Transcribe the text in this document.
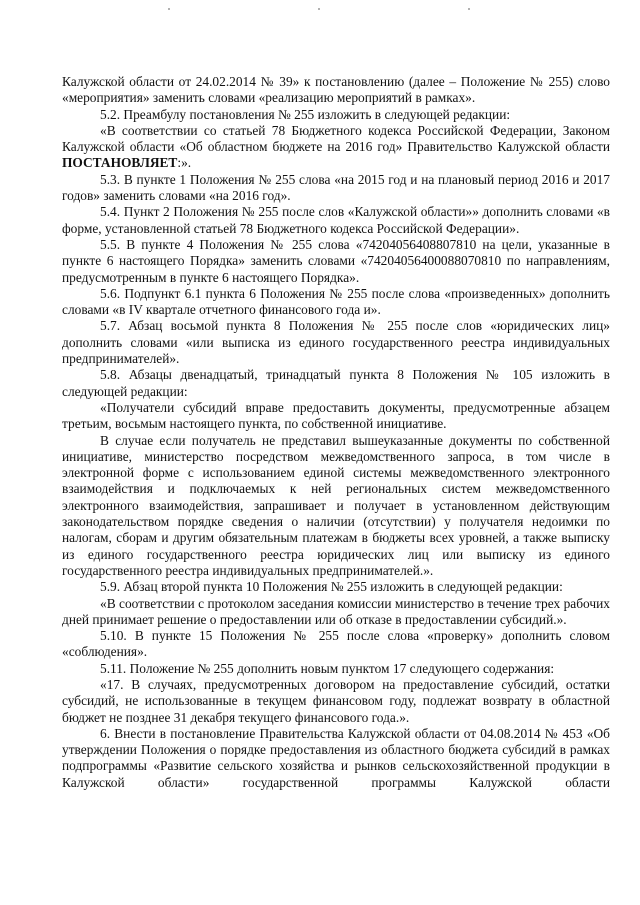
Калужской области от 24.02.2014 № 39» к постановлению (далее – Положение № 255) слово «мероприятия» заменить словами «реализацию мероприятий в рамках».

5.2. Преамбулу постановления № 255 изложить в следующей редакции:

«В соответствии со статьей 78 Бюджетного кодекса Российской Федерации, Законом Калужской области «Об областном бюджете на 2016 год» Правительство Калужской области ПОСТАНОВЛЯЕТ:».

5.3. В пункте 1 Положения № 255 слова «на 2015 год и на плановый период 2016 и 2017 годов» заменить словами «на 2016 год».

5.4. Пункт 2 Положения № 255 после слов «Калужской области»» дополнить словами «в форме, установленной статьей 78 Бюджетного кодекса Российской Федерации».

5.5. В пункте 4 Положения № 255 слова «74204056408807810 на цели, указанные в пункте 6 настоящего Порядка» заменить словами «74204056400088070810 по направлениям, предусмотренным в пункте 6 настоящего Порядка».

5.6. Подпункт 6.1 пункта 6 Положения № 255 после слова «произведенных» дополнить словами «в IV квартале отчетного финансового года и».

5.7. Абзац восьмой пункта 8 Положения № 255 после слов «юридических лиц» дополнить словами «или выписка из единого государственного реестра индивидуальных предпринимателей».

5.8. Абзацы двенадцатый, тринадцатый пункта 8 Положения № 105 изложить в следующей редакции:

«Получатели субсидий вправе предоставить документы, предусмотренные абзацем третьим, восьмым настоящего пункта, по собственной инициативе.

В случае если получатель не представил вышеуказанные документы по собственной инициативе, министерство посредством межведомственного запроса, в том числе в электронной форме с использованием единой системы межведомственного электронного взаимодействия и подключаемых к ней региональных систем межведомственного электронного взаимодействия, запрашивает и получает в установленном действующим законодательством порядке сведения о наличии (отсутствии) у получателя недоимки по налогам, сборам и другим обязательным платежам в бюджеты всех уровней, а также выписку из единого государственного реестра юридических лиц или выписку из единого государственного реестра индивидуальных предпринимателей.».

5.9. Абзац второй пункта 10 Положения № 255 изложить в следующей редакции:

«В соответствии с протоколом заседания комиссии министерство в течение трех рабочих дней принимает решение о предоставлении или об отказе в предоставлении субсидий.».

5.10. В пункте 15 Положения № 255 после слова «проверку» дополнить словом «соблюдения».

5.11. Положение № 255 дополнить новым пунктом 17 следующего содержания:

«17. В случаях, предусмотренных договором на предоставление субсидий, остатки субсидий, не использованные в текущем финансовом году, подлежат возврату в областной бюджет не позднее 31 декабря текущего финансового года.».

6. Внести в постановление Правительства Калужской области от 04.08.2014 № 453 «Об утверждении Положения о порядке предоставления из областного бюджета субсидий в рамках подпрограммы «Развитие сельского хозяйства и рынков сельскохозяйственной продукции в Калужской области» государственной программы Калужской области
